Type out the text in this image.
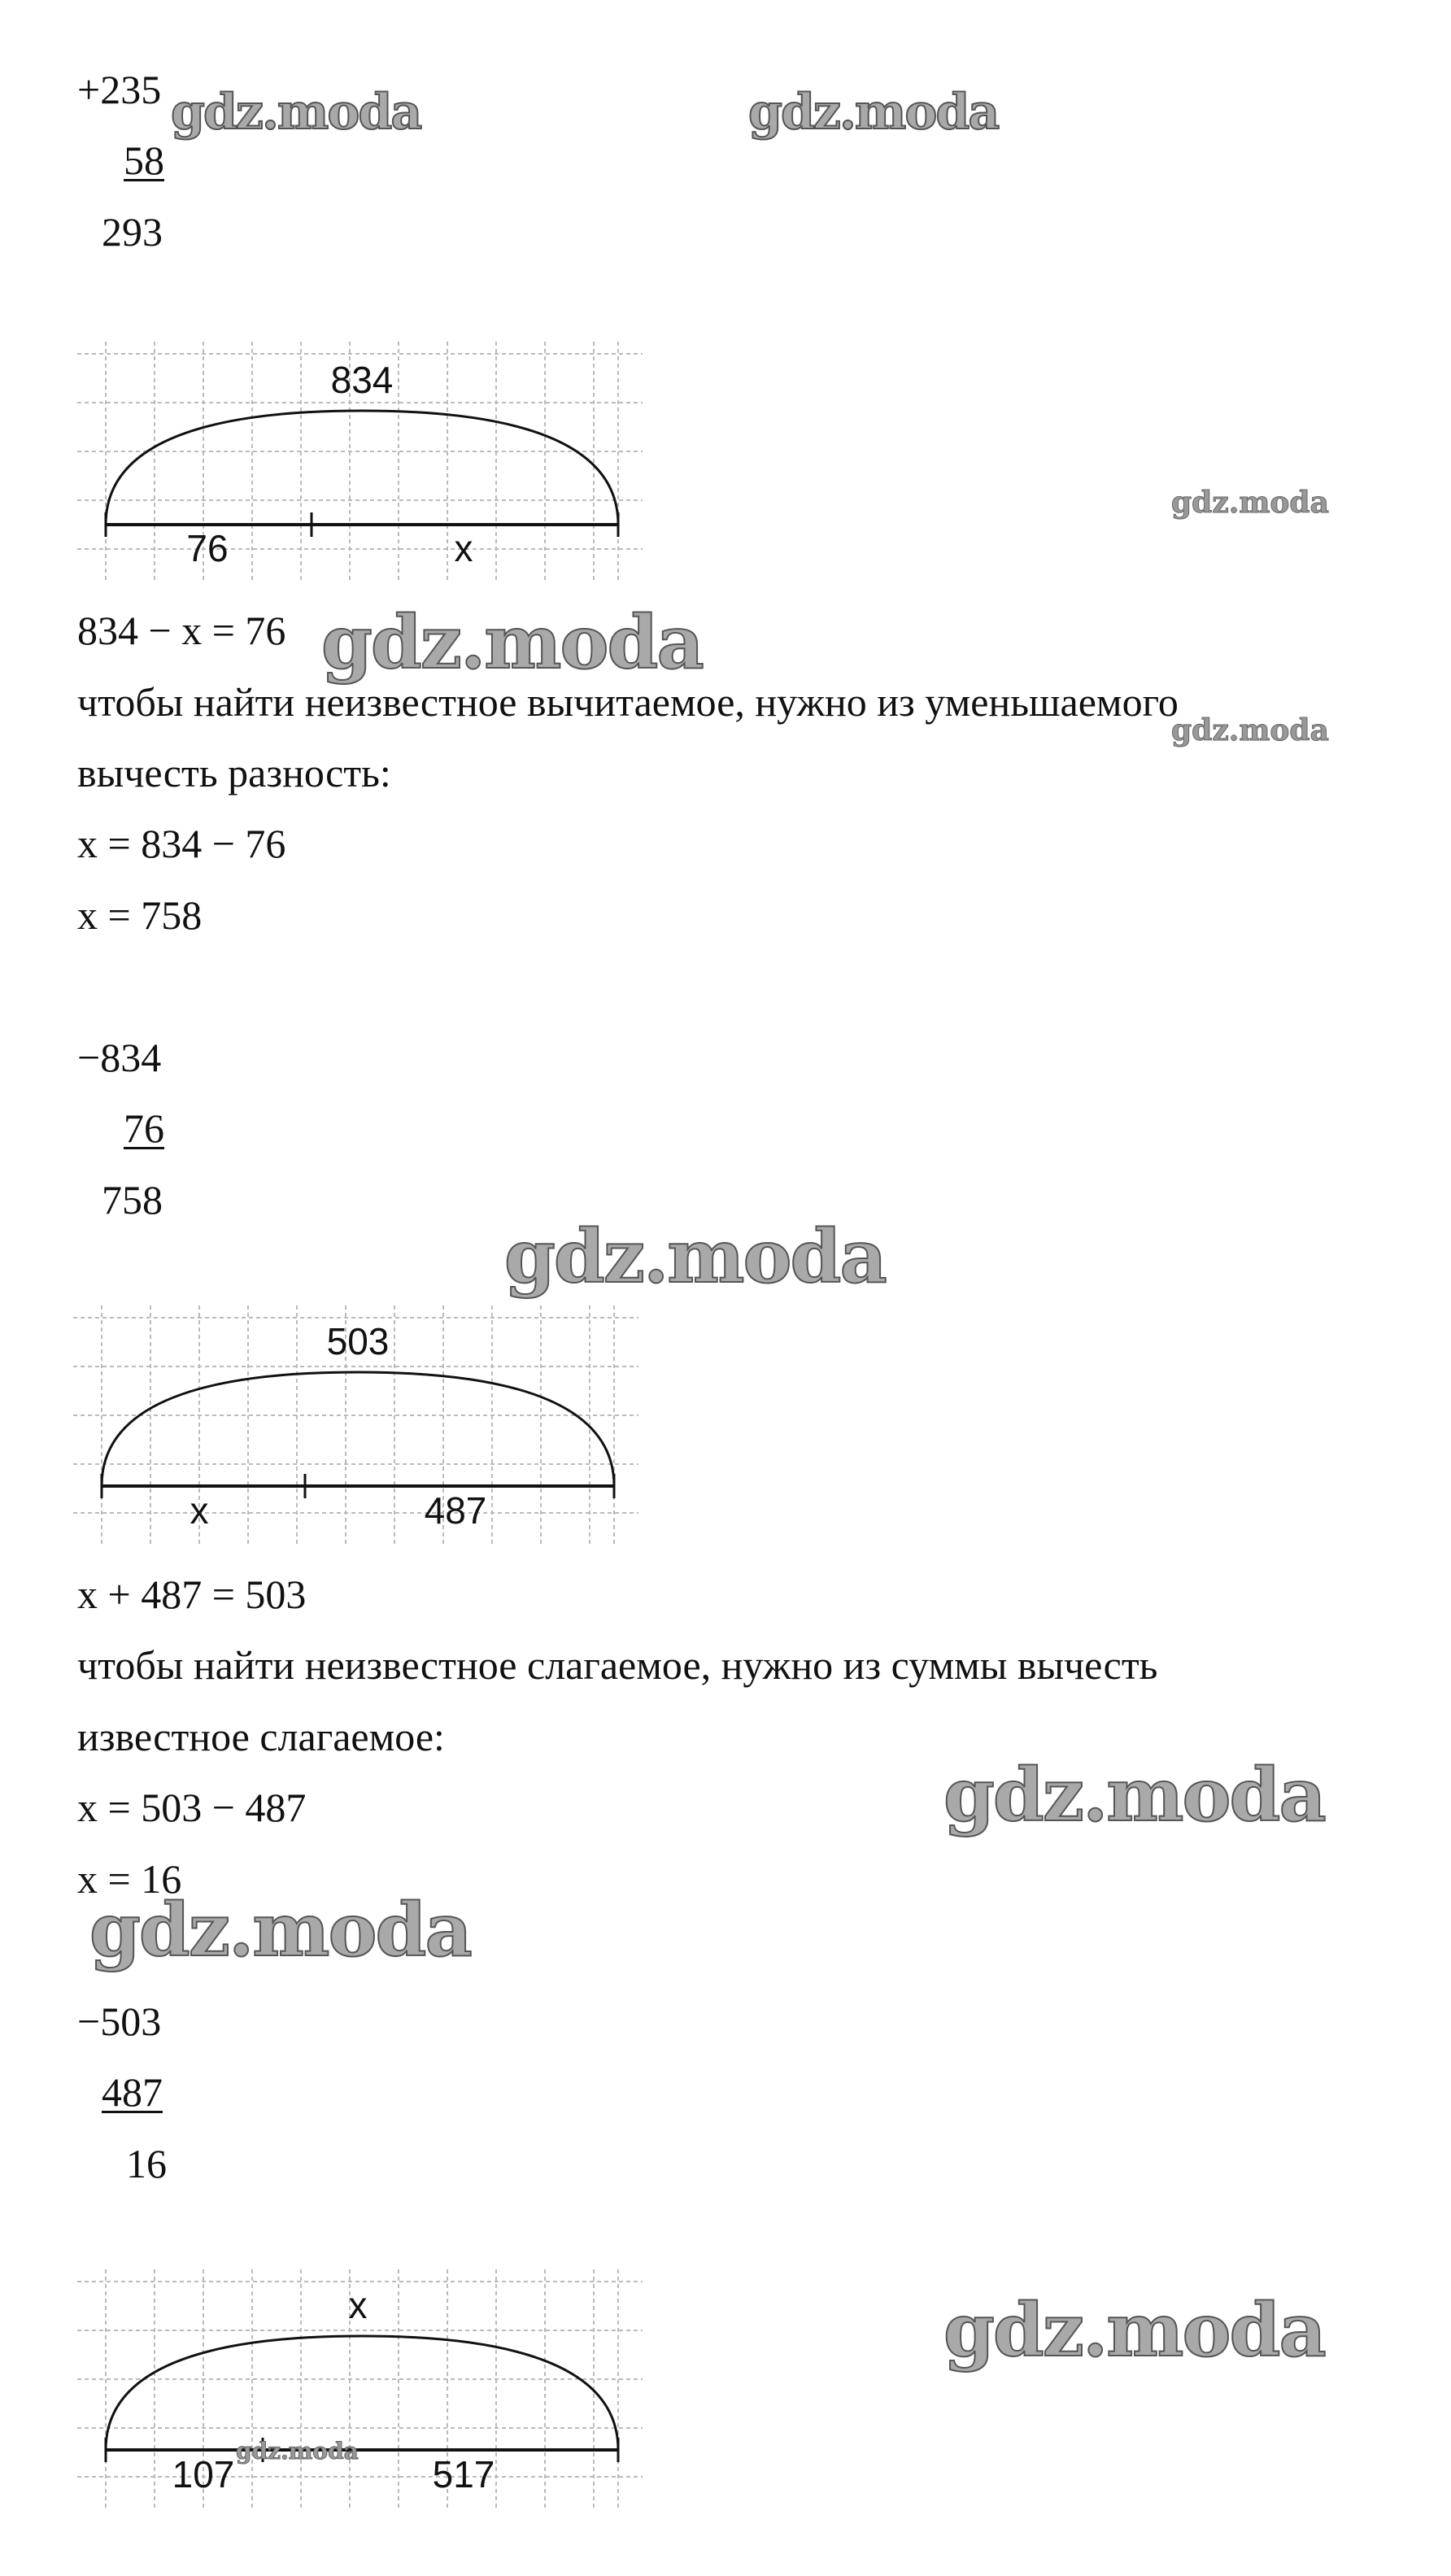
+235
58
293
834
76	x
834 − x = 76
чтобы найти неизвестное вычитаемое, нужно из уменьшаемого
вычесть разность:
x = 834 − 76
x = 758
−834
76
758
503
x	487
x + 487 = 503
чтобы найти неизвестное слагаемое, нужно из суммы вычесть
известное слагаемое:
x = 503 − 487
x = 16
−503
487
16
x
107	517
gdz.moda	gdz.moda
gdz.moda
gdz.moda
gdz.moda
gdz.moda
gdz.moda
gdz.moda
gdz.moda
gdz.moda
